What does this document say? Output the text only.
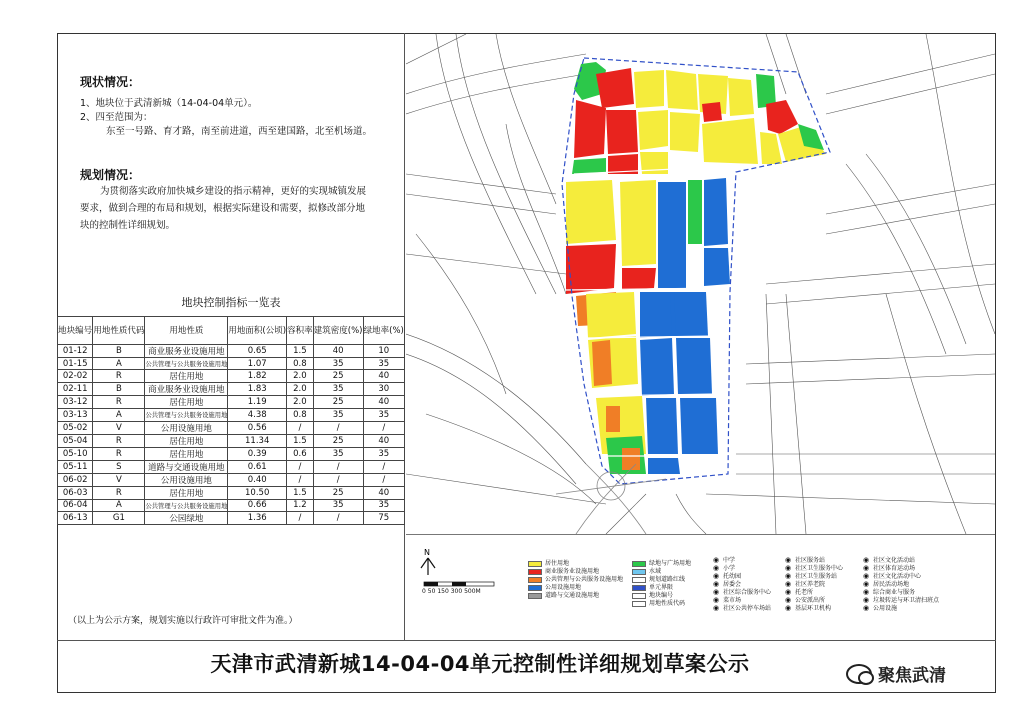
现状情况：
1、地块位于武清新城（14-04-04单元）。
2、四至范围为：
东至一号路、育才路，南至前进道，西至建国路，北至机场道。
规划情况：
为贯彻落实政府加快城乡建设的指示精神，更好的实现城镇发展要求，做到合理的布局和规划，根据实际建设和需要，拟修改部分地块的控制性详细规划。
地块控制指标一览表
地块编号	用地性质代码	用地性质	用地面积(公顷)	容积率	建筑密度(%)	绿地率(%)
01-12	B	商业服务业设施用地	0.65	1.5	40	10
01-15	A	公共管理与公共服务设施用地	1.07	0.8	35	35
02-02	R	居住用地	1.82	2.0	25	40
02-11	B	商业服务业设施用地	1.83	2.0	35	30
03-12	R	居住用地	1.19	2.0	25	40
03-13	A	公共管理与公共服务设施用地	4.38	0.8	35	35
05-02	V	公用设施用地	0.56	/	/	/
05-04	R	居住用地	11.34	1.5	25	40
05-10	R	居住用地	0.39	0.6	35	35
05-11	S	道路与交通设施用地	0.61	/	/	/
06-02	V	公用设施用地	0.40	/	/	/
06-03	R	居住用地	10.50	1.5	25	40
06-04	A	公共管理与公共服务设施用地	0.66	1.2	35	35
06-13	G1	公园绿地	1.36	/	/	75
（以上为公示方案，规划实施以行政许可审批文件为准。）
N
0 50 150 300 500M
居住用地
商业服务业设施用地
公共管理与公共服务设施用地
公用设施用地
道路与交通设施用地
绿地与广场用地
水域
规划道路红线
单元界限
地块编号
用地性质代码
◉ 中学
◉ 小学
◉ 托幼园
◉ 居委会
◉ 社区综合服务中心
◉ 菜市场
◉ 社区公共停车场站
◉ 社区服务站
◉ 社区卫生服务中心
◉ 社区卫生服务站
◉ 社区养老院
◉ 托老所
◉ 公安派出所
◉ 基层环卫机构
◉ 社区文化活动站
◉ 社区体育运动场
◉ 社区文化活动中心
◉ 居民活动场地
◉ 综合商业与服务
◉ 垃圾转运与环卫清扫班点
◉ 公用设施
天津市武清新城14-04-04单元控制性详细规划草案公示	聚焦武清
